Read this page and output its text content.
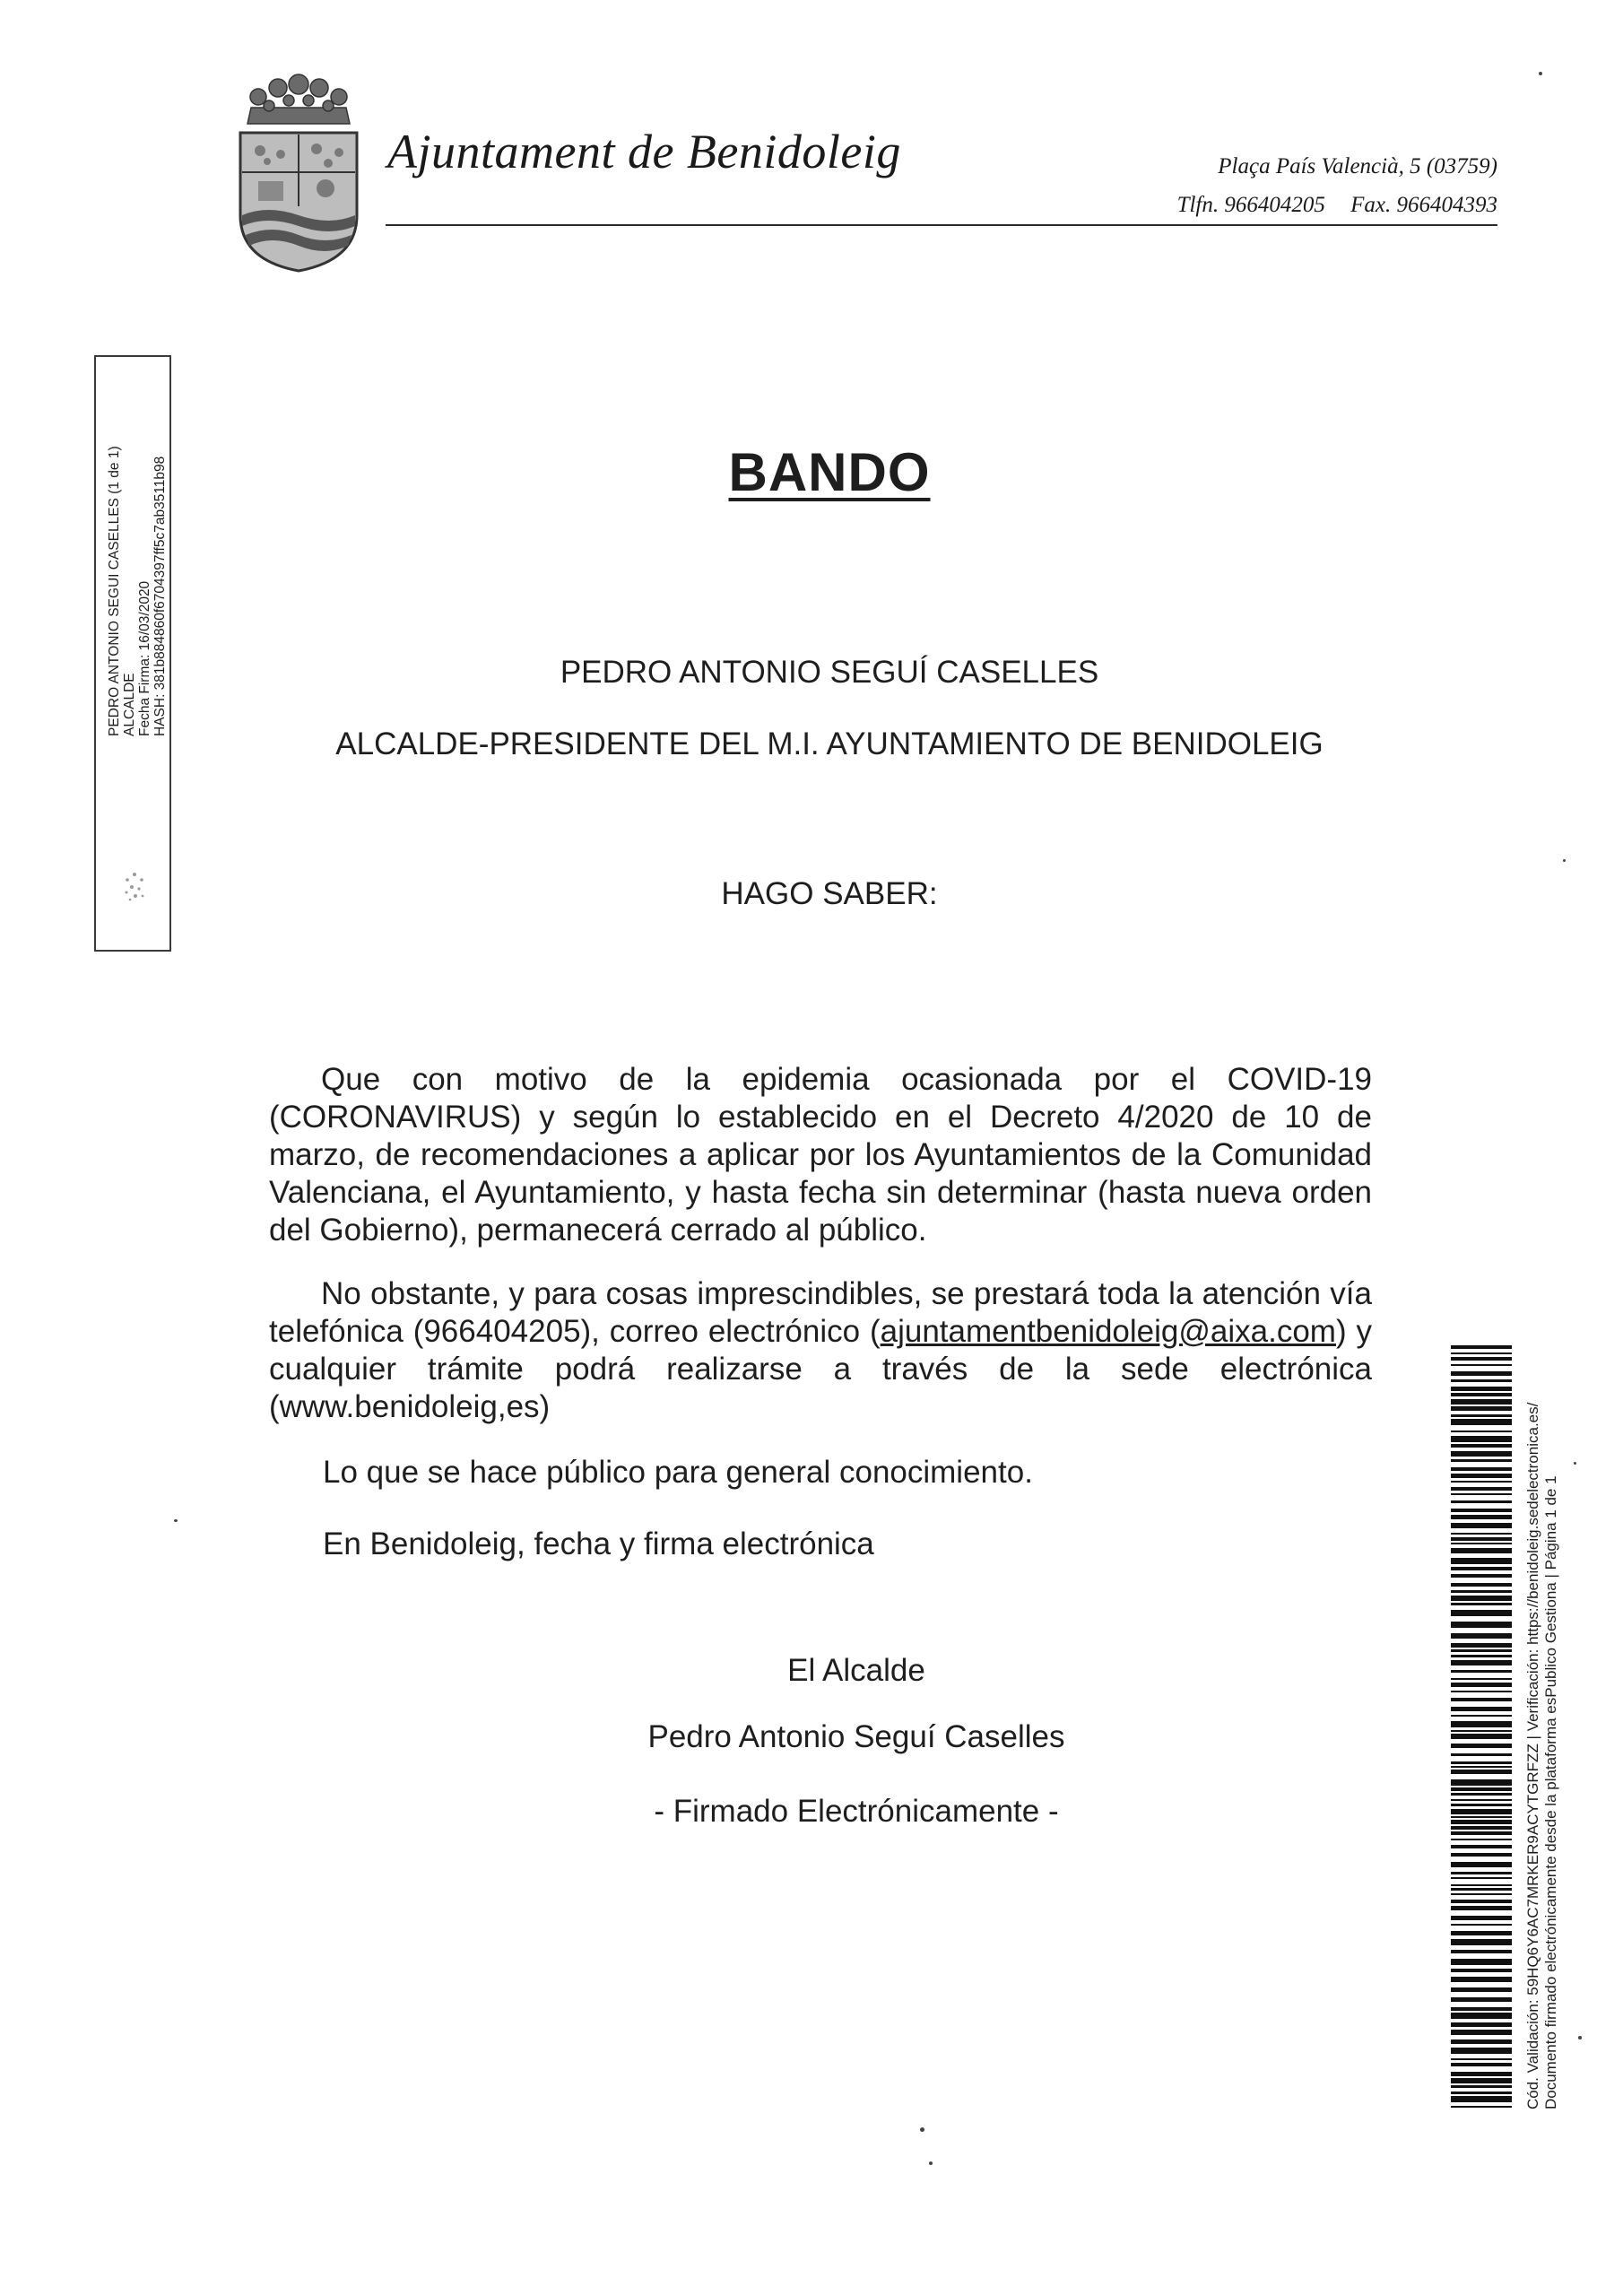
Ajuntament de Benidoleig	Plaça País Valencià, 5 (03759)
Tlfn. 966404205 Fax. 966404393
PEDRO ANTONIO SEGUI CASELLES (1 de 1) ALCALDE Fecha Firma: 16/03/2020 HASH: 381b884860f6704397ff5c7ab3511b98	BANDO
PEDRO ANTONIO SEGUÍ CASELLES
ALCALDE-PRESIDENTE DEL M.I. AYUNTAMIENTO DE BENIDOLEIG
HAGO SABER:
Que con motivo de la epidemia ocasionada por el COVID-19 (CORONAVIRUS) y según lo establecido en el Decreto 4/2020 de 10 de marzo, de recomendaciones a aplicar por los Ayuntamientos de la Comunidad Valenciana, el Ayuntamiento, y hasta fecha sin determinar (hasta nueva orden del Gobierno), permanecerá cerrado al público.
No obstante, y para cosas imprescindibles, se prestará toda la atención vía telefónica (966404205), correo electrónico (ajuntamentbenidoleig@aixa.com) y cualquier trámite podrá realizarse a través de la sede electrónica (www.benidoleig,es)
Lo que se hace público para general conocimiento.
En Benidoleig, fecha y firma electrónica
El Alcalde
Pedro Antonio Seguí Caselles
- Firmado Electrónicamente -	Cód. Validación: 59HQ6Y6AC7MRKER9ACYTGRFZZ | Verificación: https://benidoleig.sedelectronica.es/ Documento firmado electrónicamente desde la plataforma esPublico Gestiona | Página 1 de 1
